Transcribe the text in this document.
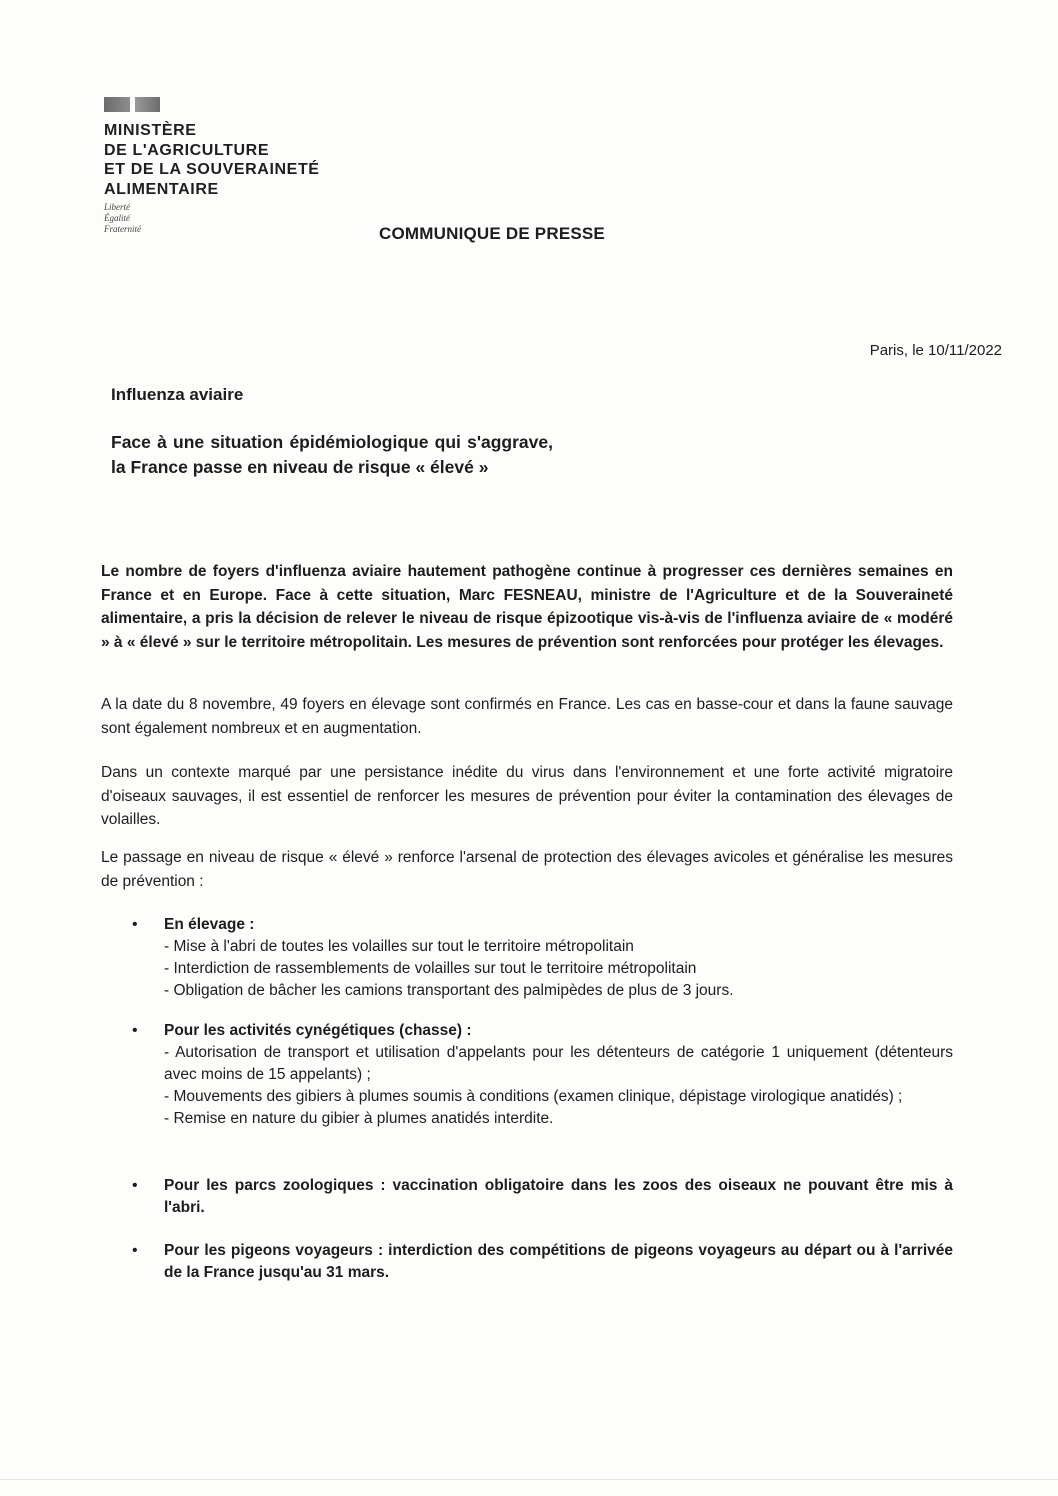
MINISTÈRE
DE L'AGRICULTURE
ET DE LA SOUVERAINETÉ
ALIMENTAIRE
Liberté
Égalité
Fraternité	COMMUNIQUE DE PRESSE
Paris, le 10/11/2022
Influenza aviaire
Face à une situation épidémiologique qui s'aggrave, la France passe en niveau de risque « élevé »
Le nombre de foyers d'influenza aviaire hautement pathogène continue à progresser ces dernières semaines en France et en Europe. Face à cette situation, Marc FESNEAU, ministre de l'Agriculture et de la Souveraineté alimentaire, a pris la décision de relever le niveau de risque épizootique vis-à-vis de l'influenza aviaire de « modéré » à « élevé » sur le territoire métropolitain. Les mesures de prévention sont renforcées pour protéger les élevages.
A la date du 8 novembre, 49 foyers en élevage sont confirmés en France. Les cas en basse-cour et dans la faune sauvage sont également nombreux et en augmentation.
Dans un contexte marqué par une persistance inédite du virus dans l'environnement et une forte activité migratoire d'oiseaux sauvages, il est essentiel de renforcer les mesures de prévention pour éviter la contamination des élevages de volailles.
Le passage en niveau de risque « élevé » renforce l'arsenal de protection des élevages avicoles et généralise les mesures de prévention :
• En élevage :
- Mise à l'abri de toutes les volailles sur tout le territoire métropolitain
- Interdiction de rassemblements de volailles sur tout le territoire métropolitain
- Obligation de bâcher les camions transportant des palmipèdes de plus de 3 jours.
• Pour les activités cynégétiques (chasse) :
- Autorisation de transport et utilisation d'appelants pour les détenteurs de catégorie 1 uniquement (détenteurs avec moins de 15 appelants) ;
- Mouvements des gibiers à plumes soumis à conditions (examen clinique, dépistage virologique anatidés) ;
- Remise en nature du gibier à plumes anatidés interdite.
• Pour les parcs zoologiques : vaccination obligatoire dans les zoos des oiseaux ne pouvant être mis à l'abri.
• Pour les pigeons voyageurs : interdiction des compétitions de pigeons voyageurs au départ ou à l'arrivée de la France jusqu'au 31 mars.
